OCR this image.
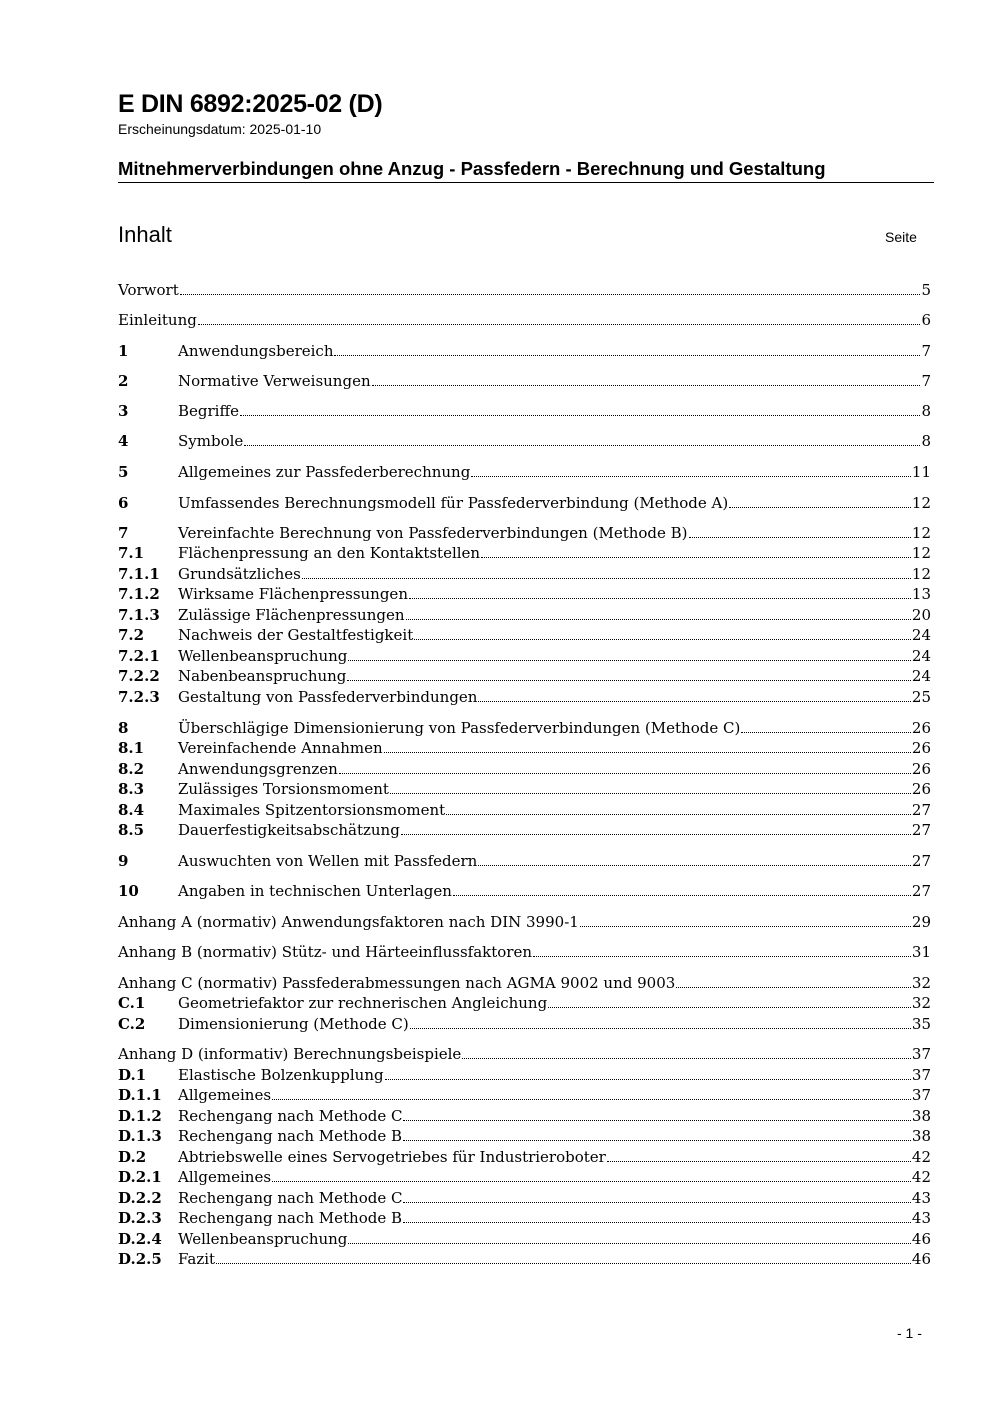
E DIN 6892:2025-02 (D)
Erscheinungsdatum: 2025-01-10
Mitnehmerverbindungen ohne Anzug - Passfedern - Berechnung und Gestaltung
Inhalt	Seite
Vorwort	5
Einleitung	6
1	Anwendungsbereich	7
2	Normative Verweisungen	7
3	Begriffe	8
4	Symbole	8
5	Allgemeines zur Passfederberechnung	11
6	Umfassendes Berechnungsmodell für Passfederverbindung (Methode A)	12
7	Vereinfachte Berechnung von Passfederverbindungen (Methode B)	12
7.1	Flächenpressung an den Kontaktstellen	12
7.1.1	Grundsätzliches	12
7.1.2	Wirksame Flächenpressungen	13
7.1.3	Zulässige Flächenpressungen	20
7.2	Nachweis der Gestaltfestigkeit	24
7.2.1	Wellenbeanspruchung	24
7.2.2	Nabenbeanspruchung	24
7.2.3	Gestaltung von Passfederverbindungen	25
8	Überschlägige Dimensionierung von Passfederverbindungen (Methode C)	26
8.1	Vereinfachende Annahmen	26
8.2	Anwendungsgrenzen	26
8.3	Zulässiges Torsionsmoment	26
8.4	Maximales Spitzentorsionsmoment	27
8.5	Dauerfestigkeitsabschätzung	27
9	Auswuchten von Wellen mit Passfedern	27
10	Angaben in technischen Unterlagen	27
Anhang A (normativ) Anwendungsfaktoren nach DIN 3990-1	29
Anhang B (normativ) Stütz- und Härteeinflussfaktoren	31
Anhang C (normativ) Passfederabmessungen nach AGMA 9002 und 9003	32
C.1	Geometriefaktor zur rechnerischen Angleichung	32
C.2	Dimensionierung (Methode C)	35
Anhang D (informativ) Berechnungsbeispiele	37
D.1	Elastische Bolzenkupplung	37
D.1.1	Allgemeines	37
D.1.2	Rechengang nach Methode C	38
D.1.3	Rechengang nach Methode B	38
D.2	Abtriebswelle eines Servogetriebes für Industrieroboter	42
D.2.1	Allgemeines	42
D.2.2	Rechengang nach Methode C	43
D.2.3	Rechengang nach Methode B	43
D.2.4	Wellenbeanspruchung	46
D.2.5	Fazit	46
- 1 -
